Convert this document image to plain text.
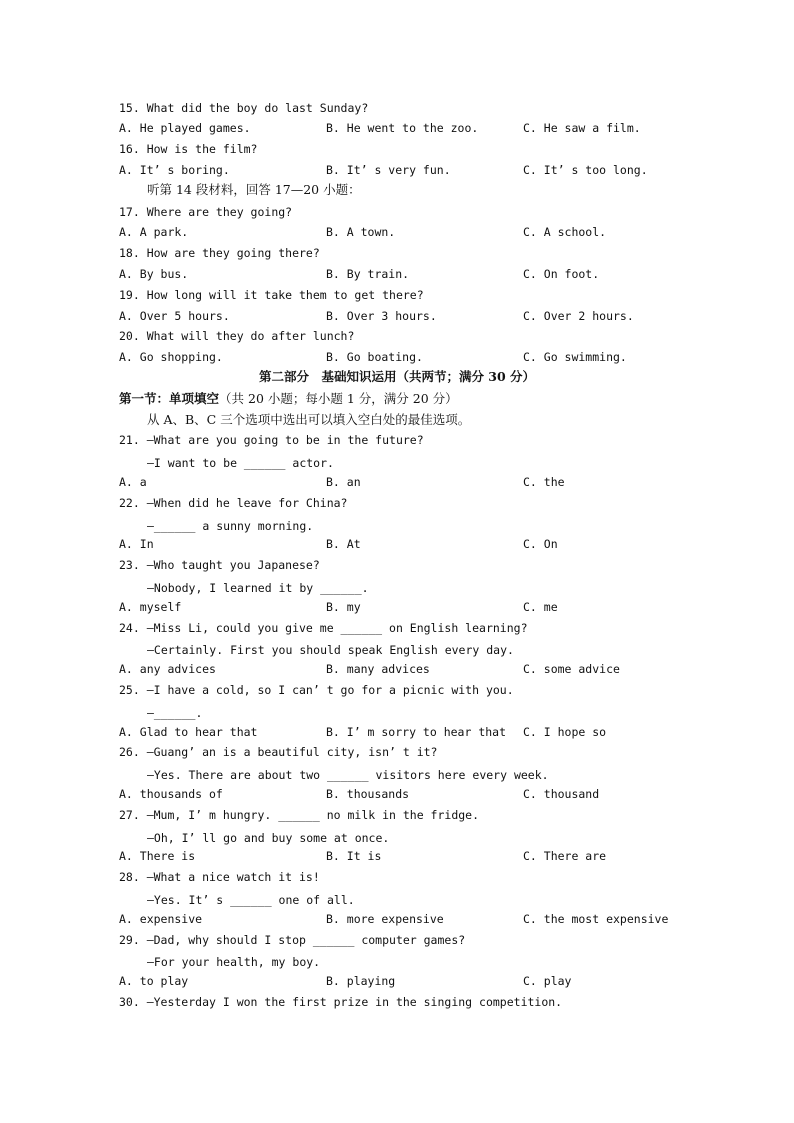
15. What did the boy do last Sunday?
A. He played games.	B. He went to the zoo.	C. He saw a film.
16. How is the film?
A. It’ s boring.	B. It’ s very fun.	C. It’ s too long.
听第 14 段材料，回答 17—20 小题：
17. Where are they going?
A. A park.	B. A town.	C. A school.
18. How are they going there?
A. By bus.	B. By train.	C. On foot.
19. How long will it take them to get there?
A. Over 5 hours.	B. Over 3 hours.	C. Over 2 hours.
20. What will they do after lunch?
A. Go shopping.	B. Go boating.	C. Go swimming.
第二部分　基础知识运用（共两节；满分 30 分）
第一节：单项填空（共 20 小题；每小题 1 分，满分 20 分）
从 A、B、C 三个选项中选出可以填入空白处的最佳选项。
21. —What are you going to be in the future?
—I want to be ______ actor.
A. a	B. an	C. the
22. —When did he leave for China?
—______ a sunny morning.
A. In	B. At	C. On
23. —Who taught you Japanese?
—Nobody, I learned it by ______.
A. myself	B. my	C. me
24. —Miss Li, could you give me ______ on English learning?
—Certainly. First you should speak English every day.
A. any advices	B. many advices	C. some advice
25. —I have a cold, so I can’ t go for a picnic with you.
—______.
A. Glad to hear that	B. I’ m sorry to hear that C. I hope so
26. —Guang’ an is a beautiful city, isn’ t it?
—Yes. There are about two ______ visitors here every week.
A. thousands of	B. thousands	C. thousand
27. —Mum, I’ m hungry. ______ no milk in the fridge.
—Oh, I’ ll go and buy some at once.
A. There is	B. It is	C. There are
28. —What a nice watch it is!
—Yes. It’ s ______ one of all.
A. expensive	B. more expensive	C. the most expensive
29. —Dad, why should I stop ______ computer games?
—For your health, my boy.
A. to play	B. playing	C. play
30. —Yesterday I won the first prize in the singing competition.
